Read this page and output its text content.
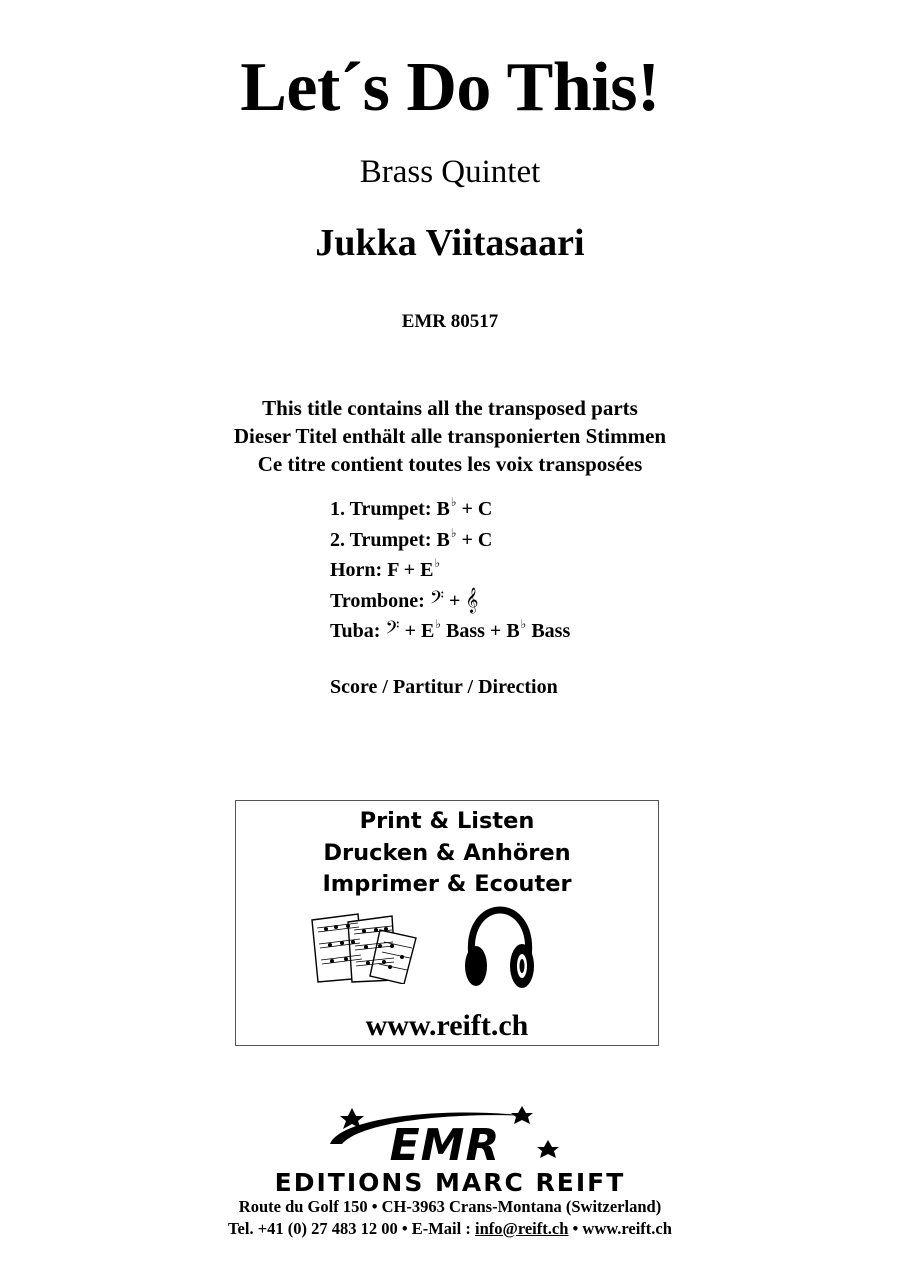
Let´s Do This!
Brass Quintet
Jukka Viitasaari
EMR 80517
This title contains all the transposed parts
Dieser Titel enthält alle transponierten Stimmen
Ce titre contient toutes les voix transposées
1. Trumpet: B♭ + C
2. Trumpet: B♭ + C
Horn: F + E♭
Trombone: 𝄢 + 𝄞
Tuba: 𝄢 + E♭ Bass + B♭ Bass
Score / Partitur / Direction
Print & Listen
Drucken & Anhören
Imprimer & Ecouter
www.reift.ch
EMR
EDITIONS MARC REIFT
Route du Golf 150 • CH-3963 Crans-Montana (Switzerland)
Tel. +41 (0) 27 483 12 00 • E-Mail : info@reift.ch • www.reift.ch
